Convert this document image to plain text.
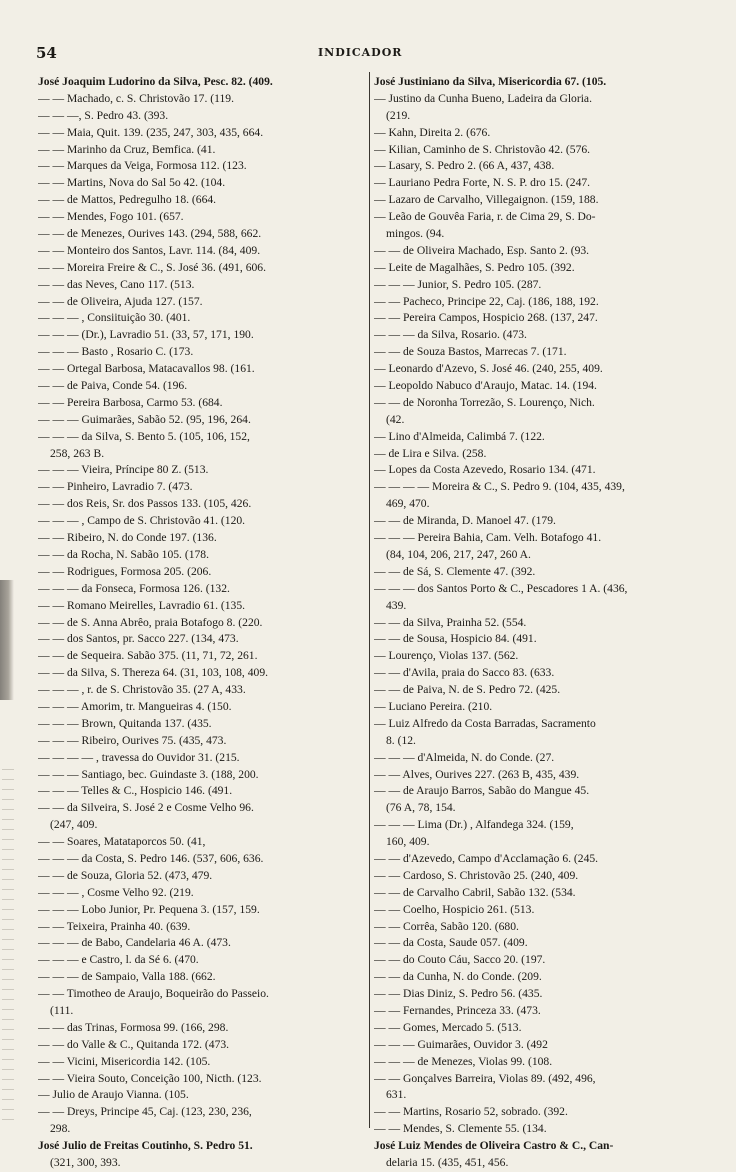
54	INDICADOR
José Joaquim Ludorino da Silva, Pesc. 82. (409.
— — Machado, c. S. Christovão 17. (119.
— — —, S. Pedro 43. (393.
— — Maia, Quit. 139. (235, 247, 303, 435, 664.
— — Marinho da Cruz, Bemfica. (41.
— — Marques da Veiga, Formosa 112. (123.
— — Martins, Nova do Sal 5o 42. (104.
— — de Mattos, Pedregulho 18. (664.
— — Mendes, Fogo 101. (657.
— — de Menezes, Ourives 143. (294, 588, 662.
— — Monteiro dos Santos, Lavr. 114. (84, 409.
— — Moreira Freire & C., S. José 36. (491, 606.
— — das Neves, Cano 117. (513.
— — de Oliveira, Ajuda 127. (157.
— — — , Consiituição 30. (401.
— — — (Dr.), Lavradio 51. (33, 57, 171, 190.
— — — Basto , Rosario C. (173.
— — Ortegal Barbosa, Matacavallos 98. (161.
— — de Paiva, Conde 54. (196.
— — Pereira Barbosa, Carmo 53. (684.
— — — Guimarães, Sabão 52. (95, 196, 264.
— — — da Silva, S. Bento 5. (105, 106, 152,
258, 263 B.
— — — Vieira, Príncipe 80 Z. (513.
— — Pinheiro, Lavradio 7. (473.
— — dos Reis, Sr. dos Passos 133. (105, 426.
— — — , Campo de S. Christovão 41. (120.
— — Ribeiro, N. do Conde 197. (136.
— — da Rocha, N. Sabão 105. (178.
— — Rodrigues, Formosa 205. (206.
— — — da Fonseca, Formosa 126. (132.
— — Romano Meirelles, Lavradio 61. (135.
— — de S. Anna Abrêo, praia Botafogo 8. (220.
— — dos Santos, pr. Sacco 227. (134, 473.
— — de Sequeira. Sabão 375. (11, 71, 72, 261.
— — da Silva, S. Thereza 64. (31, 103, 108, 409.
— — — , r. de S. Christovão 35. (27 A, 433.
— — — Amorim, tr. Mangueiras 4. (150.
— — — Brown, Quitanda 137. (435.
— — — Ribeiro, Ourives 75. (435, 473.
— — — — , travessa do Ouvidor 31. (215.
— — — Santiago, bec. Guindaste 3. (188, 200.
— — — Telles & C., Hospicio 146. (491.
— — da Silveira, S. José 2 e Cosme Velho 96.
(247, 409.
— — Soares, Matataporcos 50. (41,
— — — da Costa, S. Pedro 146. (537, 606, 636.
— — de Souza, Gloria 52. (473, 479.
— — — , Cosme Velho 92. (219.
— — — Lobo Junior, Pr. Pequena 3. (157, 159.
— — Teixeira, Prainha 40. (639.
— — — de Babo, Candelaria 46 A. (473.
— — — e Castro, l. da Sé 6. (470.
— — — de Sampaio, Valla 188. (662.
— — Timotheo de Araujo, Boqueirão do Passeio.
(111.
— — das Trinas, Formosa 99. (166, 298.
— — do Valle & C., Quitanda 172. (473.
— — Vicini, Misericordia 142. (105.
— — Vieira Souto, Conceição 100, Nicth. (123.
— Julio de Araujo Vianna. (105.
— — Dreys, Principe 45, Caj. (123, 230, 236,
298.
José Julio de Freitas Coutinho, S. Pedro 51.
(321, 300, 393.
José Justiniano da Silva, Misericordia 67. (105.
— Justino da Cunha Bueno, Ladeira da Gloria.
(219.
— Kahn, Direita 2. (676.
— Kilian, Caminho de S. Christovão 42. (576.
— Lasary, S. Pedro 2. (66 A, 437, 438.
— Lauriano Pedra Forte, N. S. P. dro 15. (247.
— Lazaro de Carvalho, Villegaignon. (159, 188.
— Leão de Gouvêa Faria, r. de Cima 29, S. Do-
mingos. (94.
— — de Oliveira Machado, Esp. Santo 2. (93.
— Leite de Magalhães, S. Pedro 105. (392.
— — — Junior, S. Pedro 105. (287.
— — Pacheco, Principe 22, Caj. (186, 188, 192.
— — Pereira Campos, Hospicio 268. (137, 247.
— — — da Silva, Rosario. (473.
— — de Souza Bastos, Marrecas 7. (171.
— Leonardo d'Azevo, S. José 46. (240, 255, 409.
— Leopoldo Nabuco d'Araujo, Matac. 14. (194.
— — de Noronha Torrezão, S. Lourenço, Nich.
(42.
— Lino d'Almeida, Calimbá 7. (122.
— de Lira e Silva. (258.
— Lopes da Costa Azevedo, Rosario 134. (471.
— — — — Moreira & C., S. Pedro 9. (104, 435, 439,
469, 470.
— — de Miranda, D. Manoel 47. (179.
— — — Pereira Bahia, Cam. Velh. Botafogo 41.
(84, 104, 206, 217, 247, 260 A.
— — de Sá, S. Clemente 47. (392.
— — — dos Santos Porto & C., Pescadores 1 A. (436,
439.
— — da Silva, Prainha 52. (554.
— — de Sousa, Hospicio 84. (491.
— Lourenço, Violas 137. (562.
— — d'Avila, praia do Sacco 83. (633.
— — de Paiva, N. de S. Pedro 72. (425.
— Luciano Pereira. (210.
— Luiz Alfredo da Costa Barradas, Sacramento
8. (12.
— — — d'Almeida, N. do Conde. (27.
— — Alves, Ourives 227. (263 B, 435, 439.
— — de Araujo Barros, Sabão do Mangue 45.
(76 A, 78, 154.
— — — Lima (Dr.) , Alfandega 324. (159,
160, 409.
— — d'Azevedo, Campo d'Acclamação 6. (245.
— — Cardoso, S. Christovão 25. (240, 409.
— — de Carvalho Cabril, Sabão 132. (534.
— — Coelho, Hospicio 261. (513.
— — Corrêa, Sabão 120. (680.
— — da Costa, Saude 057. (409.
— — do Couto Cáu, Sacco 20. (197.
— — da Cunha, N. do Conde. (209.
— — Dias Diniz, S. Pedro 56. (435.
— — Fernandes, Princeza 33. (473.
— — Gomes, Mercado 5. (513.
— — — Guimarães, Ouvidor 3. (492
— — — de Menezes, Violas 99. (108.
— — Gonçalves Barreira, Violas 89. (492, 496,
631.
— — Martins, Rosario 52, sobrado. (392.
— — Mendes, S. Clemente 55. (134.
José Luiz Mendes de Oliveira Castro & C., Can-
delaria 15. (435, 451, 456.
